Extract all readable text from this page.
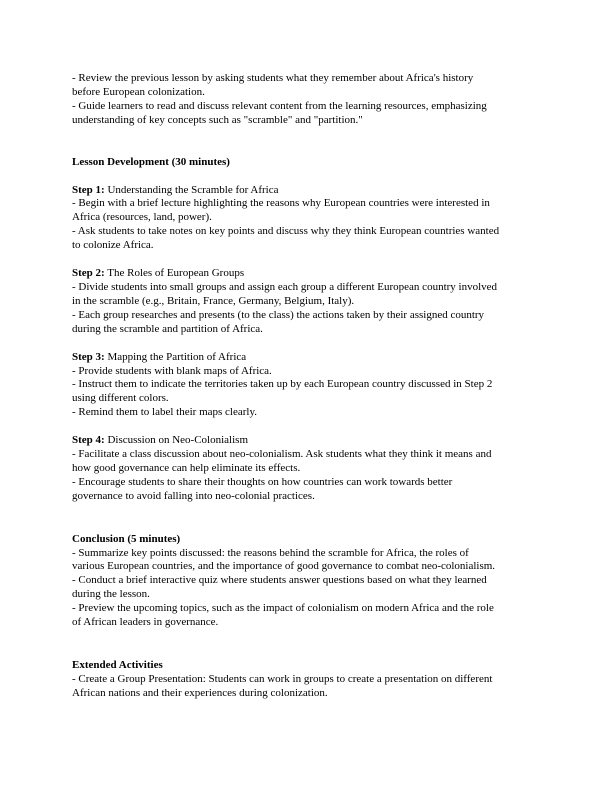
- Review the previous lesson by asking students what they remember about Africa's history
before European colonization.
- Guide learners to read and discuss relevant content from the learning resources, emphasizing
understanding of key concepts such as "scramble" and "partition."
Lesson Development (30 minutes)
Step 1: Understanding the Scramble for Africa
- Begin with a brief lecture highlighting the reasons why European countries were interested in
Africa (resources, land, power).
- Ask students to take notes on key points and discuss why they think European countries wanted
to colonize Africa.
Step 2: The Roles of European Groups
- Divide students into small groups and assign each group a different European country involved
in the scramble (e.g., Britain, France, Germany, Belgium, Italy).
- Each group researches and presents (to the class) the actions taken by their assigned country
during the scramble and partition of Africa.
Step 3: Mapping the Partition of Africa
- Provide students with blank maps of Africa.
- Instruct them to indicate the territories taken up by each European country discussed in Step 2
using different colors.
- Remind them to label their maps clearly.
Step 4: Discussion on Neo-Colonialism
- Facilitate a class discussion about neo-colonialism. Ask students what they think it means and
how good governance can help eliminate its effects.
- Encourage students to share their thoughts on how countries can work towards better
governance to avoid falling into neo-colonial practices.
Conclusion (5 minutes)
- Summarize key points discussed: the reasons behind the scramble for Africa, the roles of
various European countries, and the importance of good governance to combat neo-colonialism.
- Conduct a brief interactive quiz where students answer questions based on what they learned
during the lesson.
- Preview the upcoming topics, such as the impact of colonialism on modern Africa and the role
of African leaders in governance.
Extended Activities
- Create a Group Presentation: Students can work in groups to create a presentation on different
African nations and their experiences during colonization.
